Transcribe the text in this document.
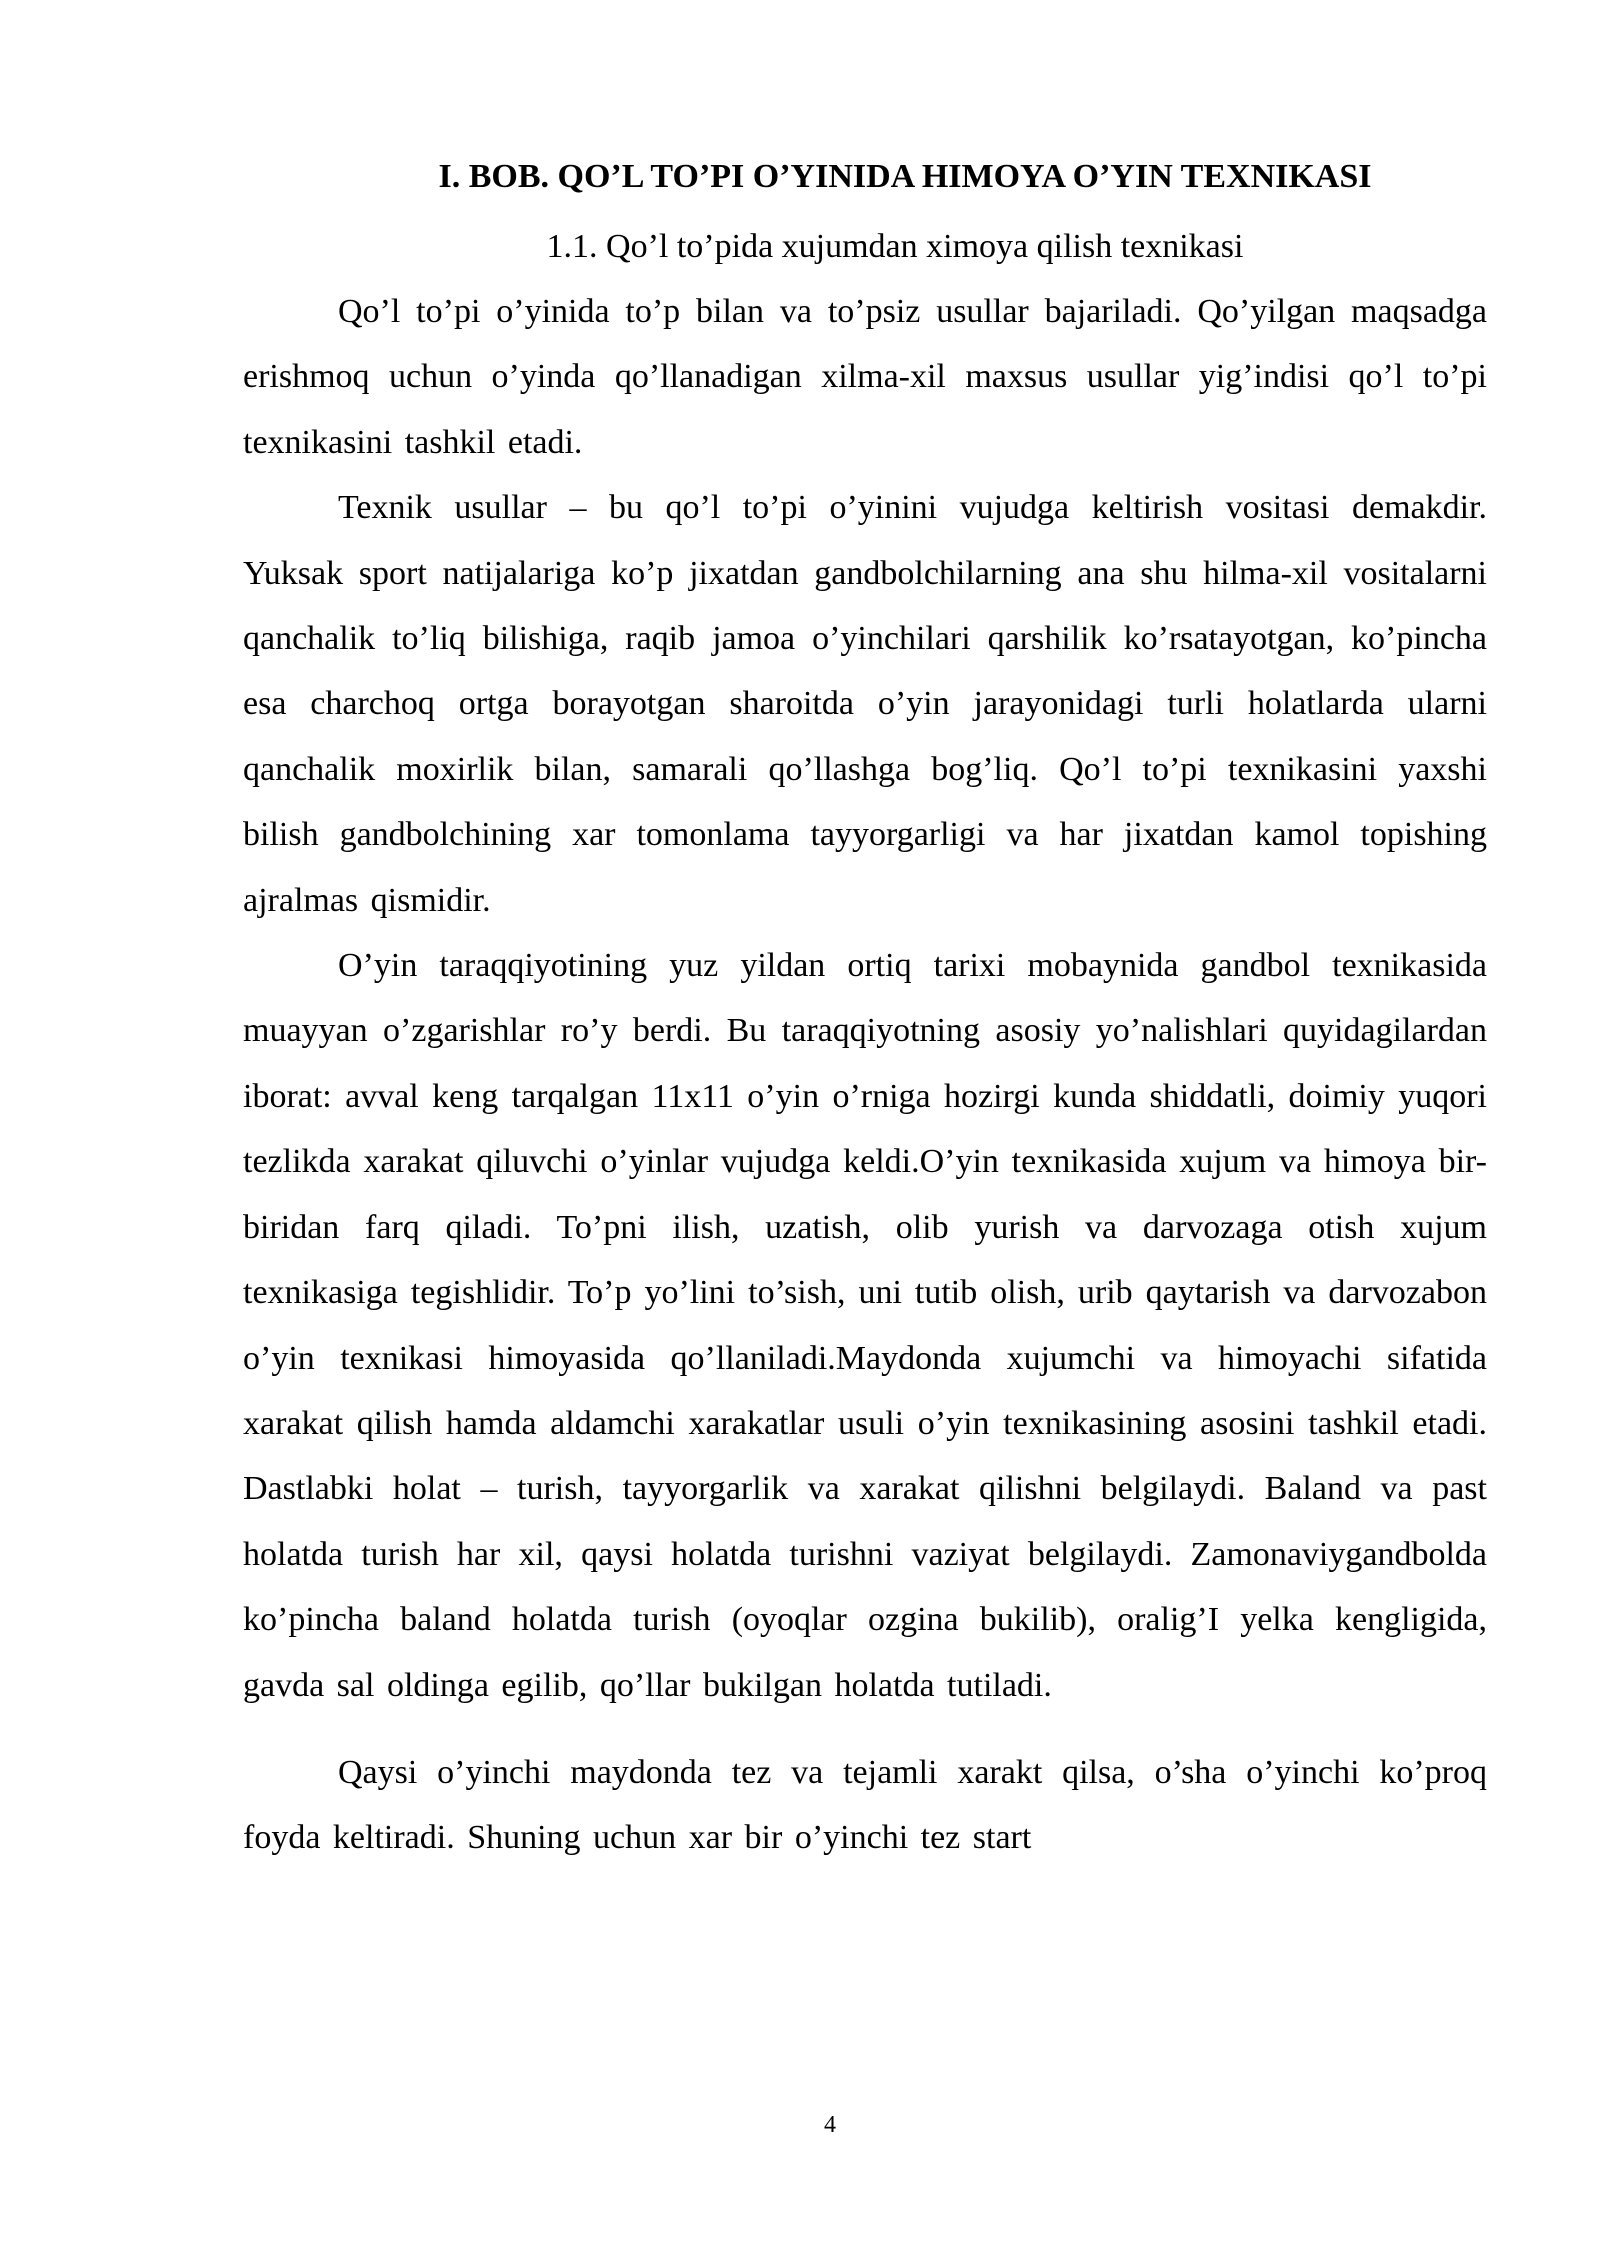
I. BOB. QO’L TO’PI O’YINIDA HIMOYA O’YIN TEXNIKASI
1.1. Qo’l to’pida xujumdan ximoya qilish texnikasi

Qo’l to’pi o’yinida to’p bilan va to’psiz usullar bajariladi. Qo’yilgan maqsadga erishmoq uchun o’yinda qo’llanadigan xilma-xil maxsus usullar yig’indisi qo’l to’pi texnikasini tashkil etadi.

Texnik usullar – bu qo’l to’pi o’yinini vujudga keltirish vositasi demakdir. Yuksak sport natijalariga ko’p jixatdan gandbolchilarning ana shu hilma-xil vositalarni qanchalik to’liq bilishiga, raqib jamoa o’yinchilari qarshilik ko’rsatayotgan, ko’pincha esa charchoq ortga borayotgan sharoitda o’yin jarayonidagi turli holatlarda ularni qanchalik moxirlik bilan, samarali qo’llashga bog’liq. Qo’l to’pi texnikasini yaxshi bilish gandbolchining xar tomonlama tayyorgarligi va har jixatdan kamol topishing ajralmas qismidir.

O’yin taraqqiyotining yuz yildan ortiq tarixi mobaynida gandbol texnikasida muayyan o’zgarishlar ro’y berdi. Bu taraqqiyotning asosiy yo’nalishlari quyidagilardan iborat: avval keng tarqalgan 11x11 o’yin o’rniga hozirgi kunda shiddatli, doimiy yuqori tezlikda xarakat qiluvchi o’yinlar vujudga keldi.O’yin texnikasida xujum va himoya bir-biridan farq qiladi. To’pni ilish, uzatish, olib yurish va darvozaga otish xujum texnikasiga tegishlidir. To’p yo’lini to’sish, uni tutib olish, urib qaytarish va darvozabon o’yin texnikasi himoyasida qo’llaniladi.Maydonda xujumchi va himoyachi sifatida xarakat qilish hamda aldamchi xarakatlar usuli o’yin texnikasining asosini tashkil etadi. Dastlabki holat – turish, tayyorgarlik va xarakat qilishni belgilaydi. Baland va past holatda turish har xil, qaysi holatda turishni vaziyat belgilaydi. Zamonaviygandbolda ko’pincha baland holatda turish (oyoqlar ozgina bukilib), oralig’I yelka kengligida, gavda sal oldinga egilib, qo’llar bukilgan holatda tutiladi.

Qaysi o’yinchi maydonda tez va tejamli xarakt qilsa, o’sha o’yinchi ko’proq foyda keltiradi. Shuning uchun xar bir o’yinchi tez start

4
